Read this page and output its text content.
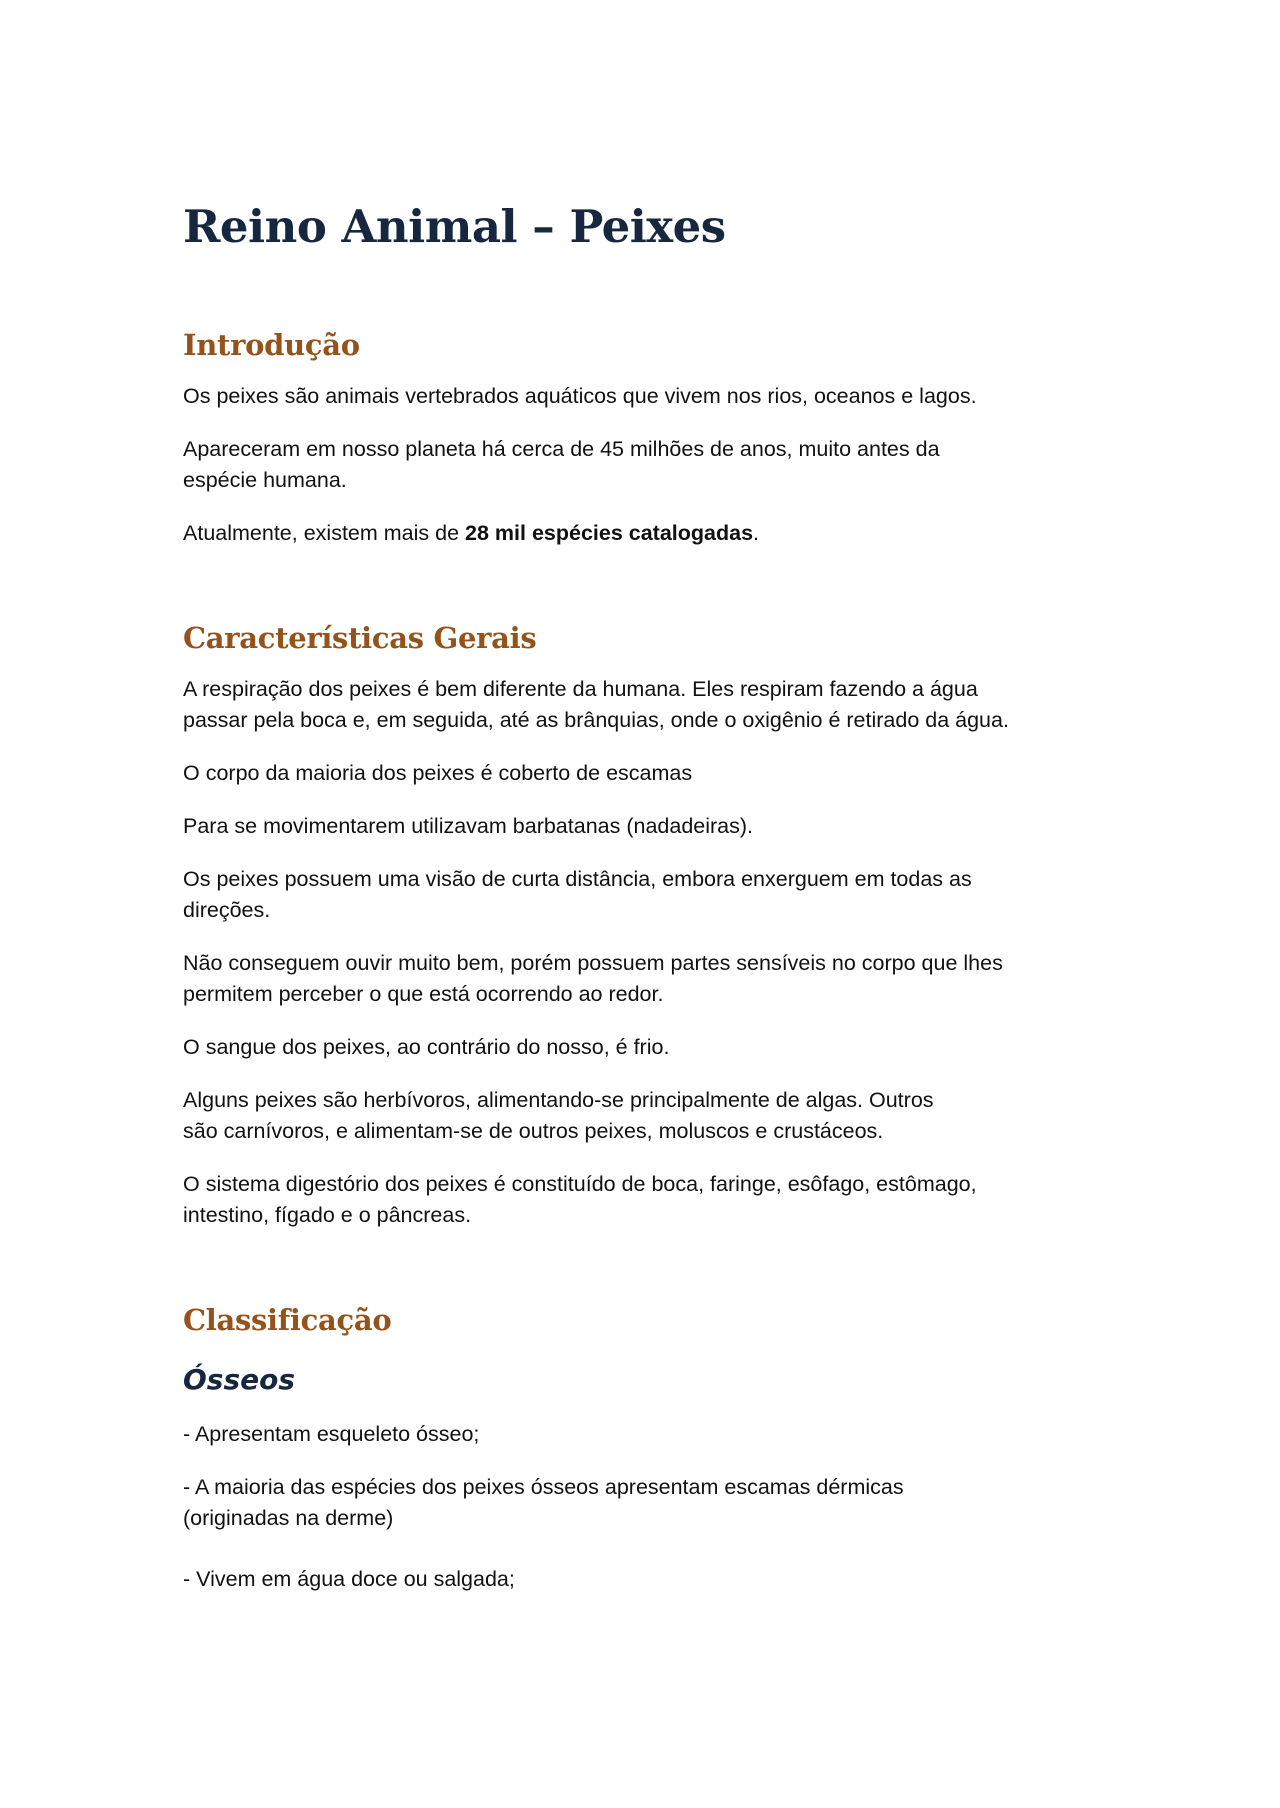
Reino Animal – Peixes
Introdução

Os peixes são animais vertebrados aquáticos que vivem nos rios, oceanos e lagos.

Apareceram em nosso planeta há cerca de 45 milhões de anos, muito antes da
espécie humana.

Atualmente, existem mais de 28 mil espécies catalogadas.

Características Gerais

A respiração dos peixes é bem diferente da humana. Eles respiram fazendo a água
passar pela boca e, em seguida, até as brânquias, onde o oxigênio é retirado da água.

O corpo da maioria dos peixes é coberto de escamas

Para se movimentarem utilizavam barbatanas (nadadeiras).

Os peixes possuem uma visão de curta distância, embora enxerguem em todas as
direções.

Não conseguem ouvir muito bem, porém possuem partes sensíveis no corpo que lhes
permitem perceber o que está ocorrendo ao redor.

O sangue dos peixes, ao contrário do nosso, é frio.

Alguns peixes são herbívoros, alimentando-se principalmente de algas. Outros
são carnívoros, e alimentam-se de outros peixes, moluscos e crustáceos.

O sistema digestório dos peixes é constituído de boca, faringe, esôfago, estômago,
intestino, fígado e o pâncreas.

Classificação
Ósseos

- Apresentam esqueleto ósseo;

- A maioria das espécies dos peixes ósseos apresentam escamas dérmicas
(originadas na derme)

- Vivem em água doce ou salgada;
